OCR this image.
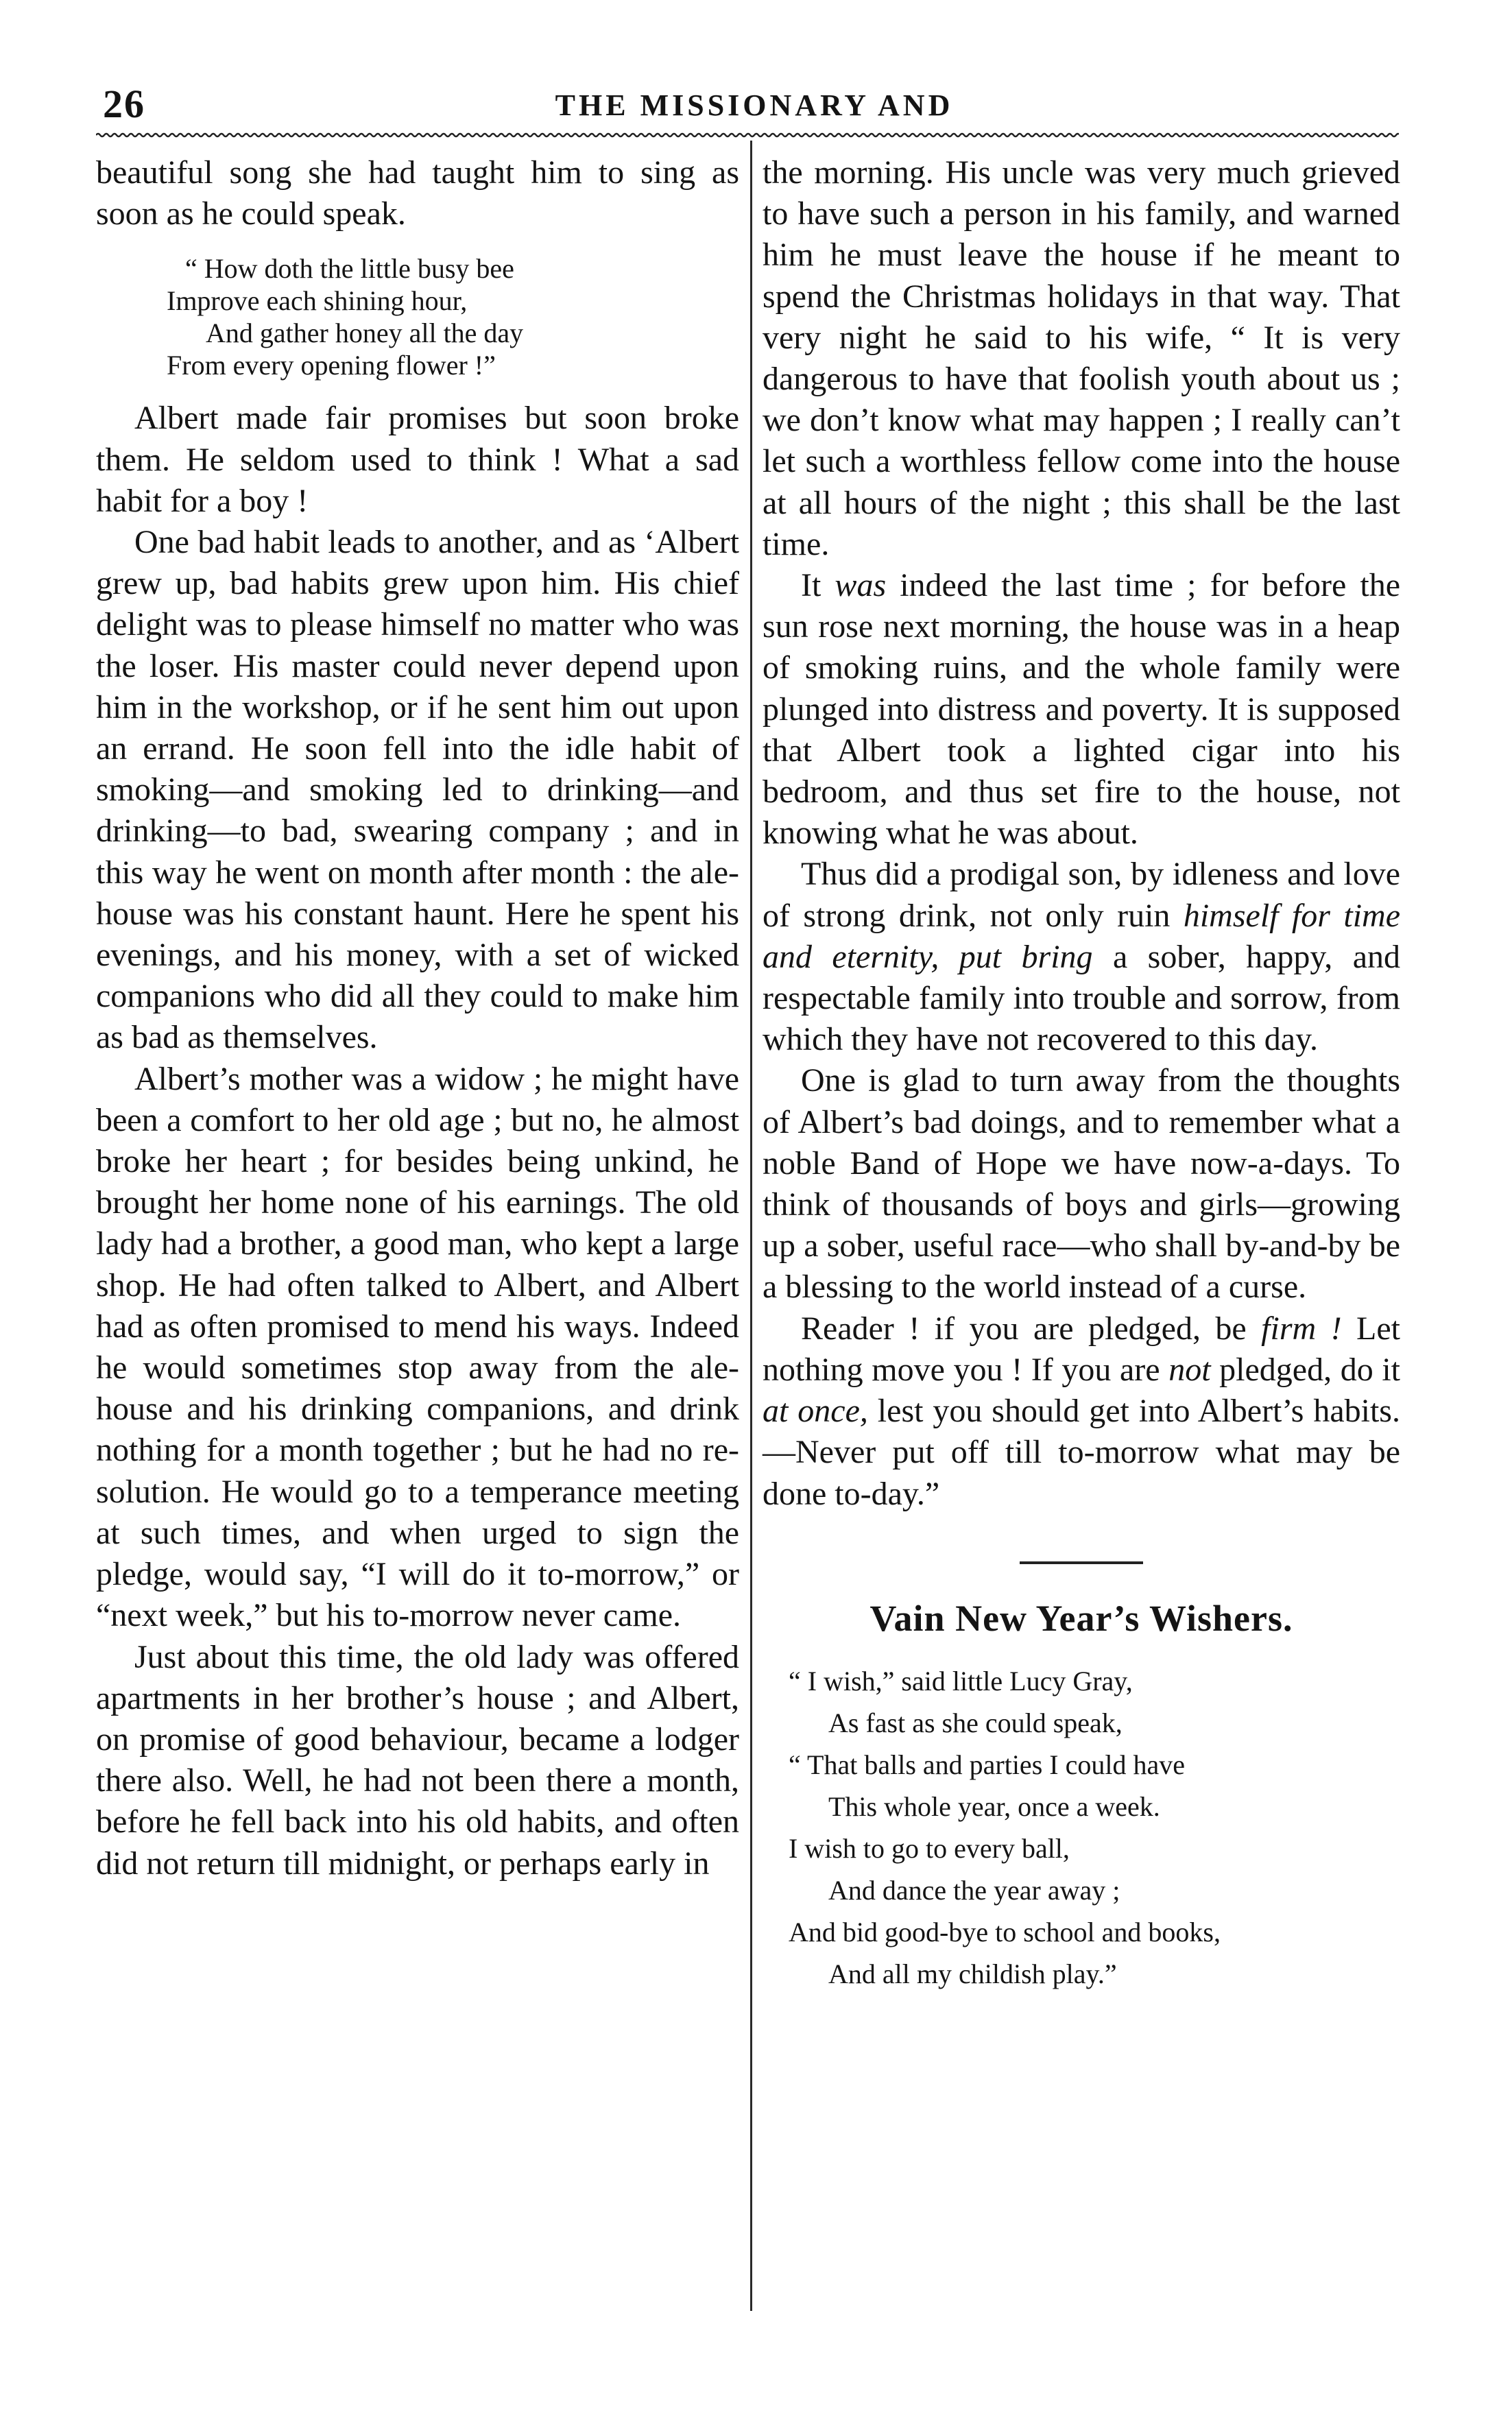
26	THE MISSIONARY AND

beautiful song she had taught him to sing as soon as he could speak.

“ How doth the little busy bee
Improve each shining hour,
And gather honey all the day
From every opening flower !”

Albert made fair promises but soon broke them. He seldom used to think ! What a sad habit for a boy !

One bad habit leads to another, and as ‘Albert grew up, bad habits grew upon him. His chief delight was to please himself no matter who was the loser. His master could never depend upon him in the workshop, or if he sent him out upon an errand. He soon fell into the idle habit of smoking—and smoking led to drinking—and drinking—to bad, swearing company ; and in this way he went on month after month : the ale-house was his constant haunt. Here he spent his evenings, and his money, with a set of wicked companions who did all they could to make him as bad as themselves.

Albert’s mother was a widow ; he might have been a comfort to her old age ; but no, he almost broke her heart ; for besides being unkind, he brought her home none of his earnings. The old lady had a brother, a good man, who kept a large shop. He had often talked to Albert, and Albert had as often promised to mend his ways. Indeed he would sometimes stop away from the ale-house and his drinking companions, and drink nothing for a month together ; but he had no resolution. He would go to a temperance meeting at such times, and when urged to sign the pledge, would say, “I will do it to-morrow,” or “next week,” but his to-morrow never came.

Just about this time, the old lady was offered apartments in her brother’s house ; and Albert, on promise of good behaviour, became a lodger there also. Well, he had not been there a month, before he fell back into his old habits, and often did not return till midnight, or perhaps early in

the morning. His uncle was very much grieved to have such a person in his family, and warned him he must leave the house if he meant to spend the Christmas holidays in that way. That very night he said to his wife, “ It is very dangerous to have that foolish youth about us ; we don’t know what may happen ; I really can’t let such a worthless fellow come into the house at all hours of the night ; this shall be the last time.

It was indeed the last time ; for before the sun rose next morning, the house was in a heap of smoking ruins, and the whole family were plunged into distress and poverty. It is supposed that Albert took a lighted cigar into his bedroom, and thus set fire to the house, not knowing what he was about.

Thus did a prodigal son, by idleness and love of strong drink, not only ruin himself for time and eternity, put bring a sober, happy, and respectable family into trouble and sorrow, from which they have not recovered to this day.

One is glad to turn away from the thoughts of Albert’s bad doings, and to remember what a noble Band of Hope we have now-a-days. To think of thousands of boys and girls—growing up a sober, useful race—who shall by-and-by be a blessing to the world instead of a curse.

Reader ! if you are pledged, be firm ! Let nothing move you ! If you are not pledged, do it at once, lest you should get into Albert’s habits.—Never put off till to-morrow what may be done to-day.”

Vain New Year’s Wishers.
“ I wish,” said little Lucy Gray,
As fast as she could speak,
“ That balls and parties I could have
This whole year, once a week.
I wish to go to every ball,
And dance the year away ;
And bid good-bye to school and books,
And all my childish play.”
